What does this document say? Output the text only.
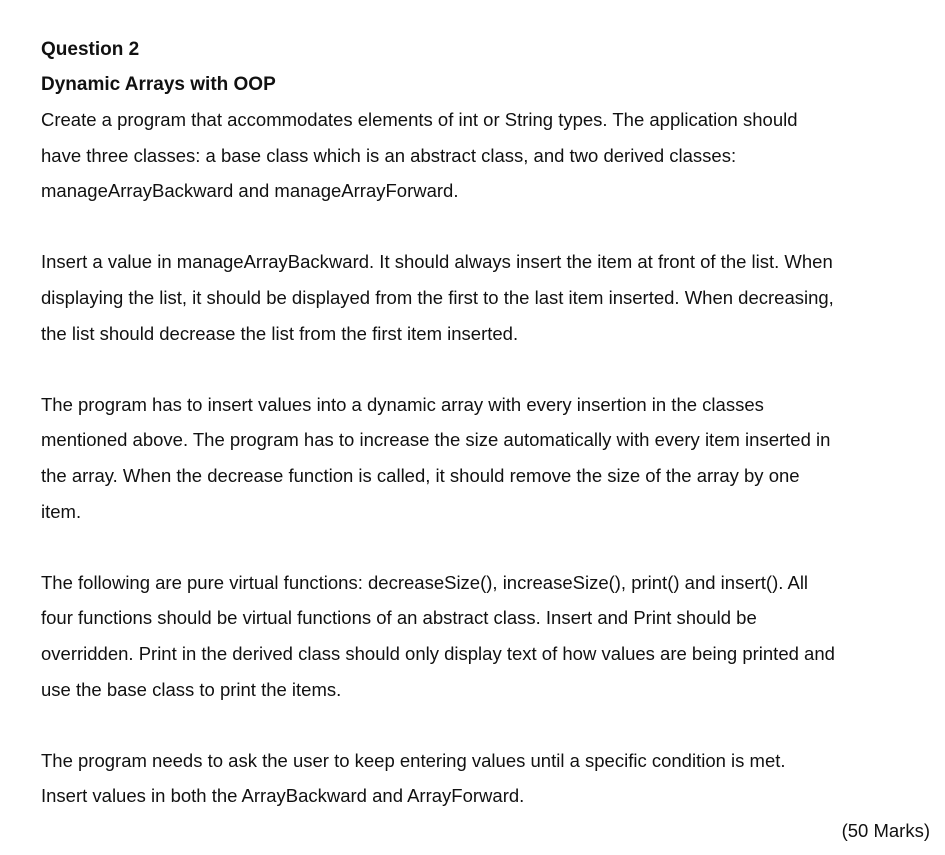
Question 2

Dynamic Arrays with OOP

Create a program that accommodates elements of int or String types. The application should
have three classes: a base class which is an abstract class, and two derived classes:
manageArrayBackward and manageArrayForward.

Insert a value in manageArrayBackward. It should always insert the item at front of the list. When
displaying the list, it should be displayed from the first to the last item inserted. When decreasing,
the list should decrease the list from the first item inserted.

The program has to insert values into a dynamic array with every insertion in the classes
mentioned above. The program has to increase the size automatically with every item inserted in
the array. When the decrease function is called, it should remove the size of the array by one
item.

The following are pure virtual functions: decreaseSize(), increaseSize(), print() and insert(). All
four functions should be virtual functions of an abstract class. Insert and Print should be
overridden. Print in the derived class should only display text of how values are being printed and
use the base class to print the items.

The program needs to ask the user to keep entering values until a specific condition is met.
Insert values in both the ArrayBackward and ArrayForward.

(50 Marks)
